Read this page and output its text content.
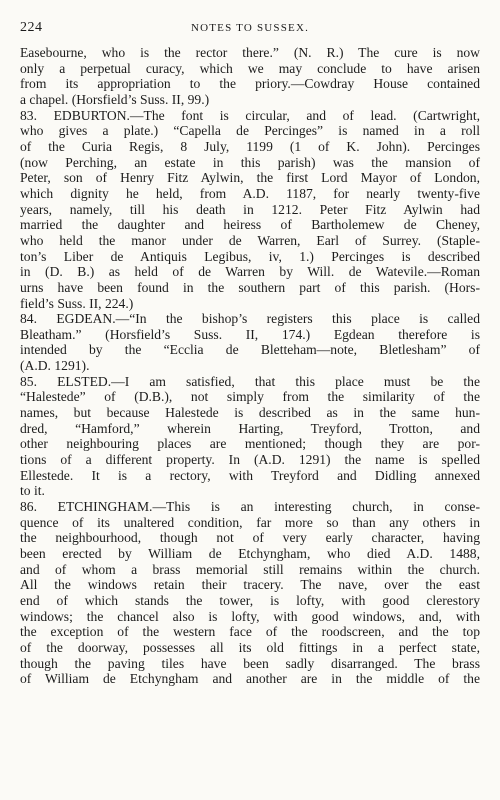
224	NOTES TO SUSSEX.
Easebourne, who is the rector there.” (N. R.) The cure is now
only a perpetual curacy, which we may conclude to have arisen
from its appropriation to the priory.—Cowdray House contained
a chapel. (Horsfield’s Suss. II, 99.)
83. EDBURTON.—The font is circular, and of lead. (Cartwright,
who gives a plate.) “Capella de Percinges” is named in a roll
of the Curia Regis, 8 July, 1199 (1 of K. John). Percinges
(now Perching, an estate in this parish) was the mansion of
Peter, son of Henry Fitz Aylwin, the first Lord Mayor of London,
which dignity he held, from A.D. 1187, for nearly twenty-five
years, namely, till his death in 1212. Peter Fitz Aylwin had
married the daughter and heiress of Bartholemew de Cheney,
who held the manor under de Warren, Earl of Surrey. (Staple-
ton’s Liber de Antiquis Legibus, iv, 1.) Percinges is described
in (D. B.) as held of de Warren by Will. de Watevile.—Roman
urns have been found in the southern part of this parish. (Hors-
field’s Suss. II, 224.)
84. EGDEAN.—“In the bishop’s registers this place is called
Bleatham.” (Horsfield’s Suss. II, 174.) Egdean therefore is
intended by the “Ecclia de Bletteham—note, Bletlesham” of
(A.D. 1291).
85. ELSTED.—I am satisfied, that this place must be the
“Halestede” of (D.B.), not simply from the similarity of the
names, but because Halestede is described as in the same hun-
dred, “Hamford,” wherein Harting, Treyford, Trotton, and
other neighbouring places are mentioned; though they are por-
tions of a different property. In (A.D. 1291) the name is spelled
Ellestede. It is a rectory, with Treyford and Didling annexed
to it.
86. ETCHINGHAM.—This is an interesting church, in conse-
quence of its unaltered condition, far more so than any others in
the neighbourhood, though not of very early character, having
been erected by William de Etchyngham, who died A.D. 1488,
and of whom a brass memorial still remains within the church.
All the windows retain their tracery. The nave, over the east
end of which stands the tower, is lofty, with good clerestory
windows; the chancel also is lofty, with good windows, and, with
the exception of the western face of the roodscreen, and the top
of the doorway, possesses all its old fittings in a perfect state,
though the paving tiles have been sadly disarranged. The brass
of William de Etchyngham and another are in the middle of the
